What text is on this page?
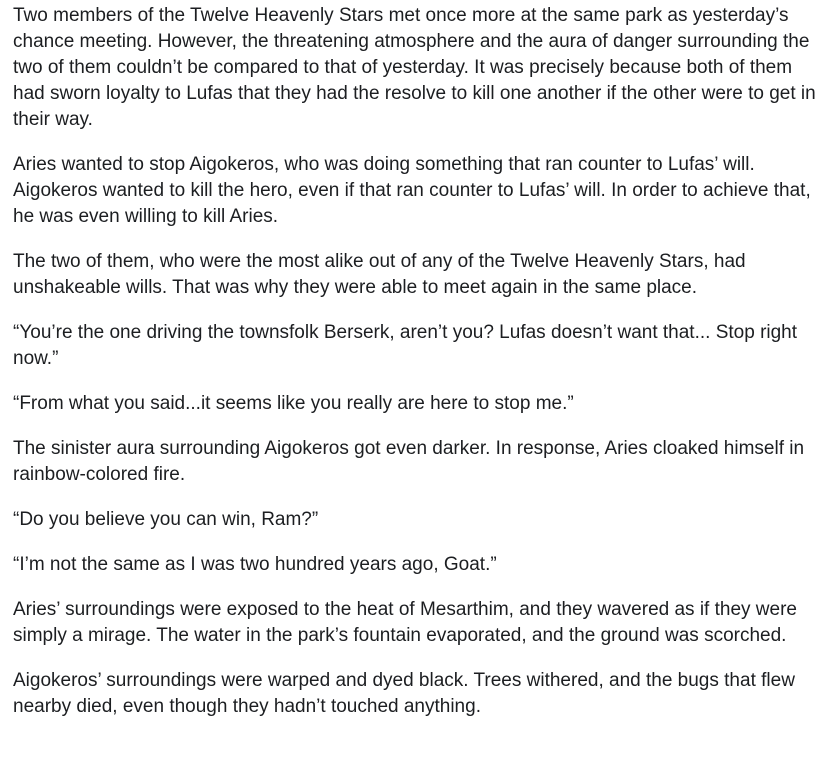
Two members of the Twelve Heavenly Stars met once more at the same park as yesterday’s chance meeting. However, the threatening atmosphere and the aura of danger surrounding the two of them couldn’t be compared to that of yesterday. It was precisely because both of them had sworn loyalty to Lufas that they had the resolve to kill one another if the other were to get in their way.

Aries wanted to stop Aigokeros, who was doing something that ran counter to Lufas’ will. Aigokeros wanted to kill the hero, even if that ran counter to Lufas’ will. In order to achieve that, he was even willing to kill Aries.

The two of them, who were the most alike out of any of the Twelve Heavenly Stars, had unshakeable wills. That was why they were able to meet again in the same place.

“You’re the one driving the townsfolk Berserk, aren’t you? Lufas doesn’t want that... Stop right now.”

“From what you said...it seems like you really are here to stop me.”

The sinister aura surrounding Aigokeros got even darker. In response, Aries cloaked himself in rainbow-colored fire.

“Do you believe you can win, Ram?”

“I’m not the same as I was two hundred years ago, Goat.”

Aries’ surroundings were exposed to the heat of Mesarthim, and they wavered as if they were simply a mirage. The water in the park’s fountain evaporated, and the ground was scorched.

Aigokeros’ surroundings were warped and dyed black. Trees withered, and the bugs that flew nearby died, even though they hadn’t touched anything.
